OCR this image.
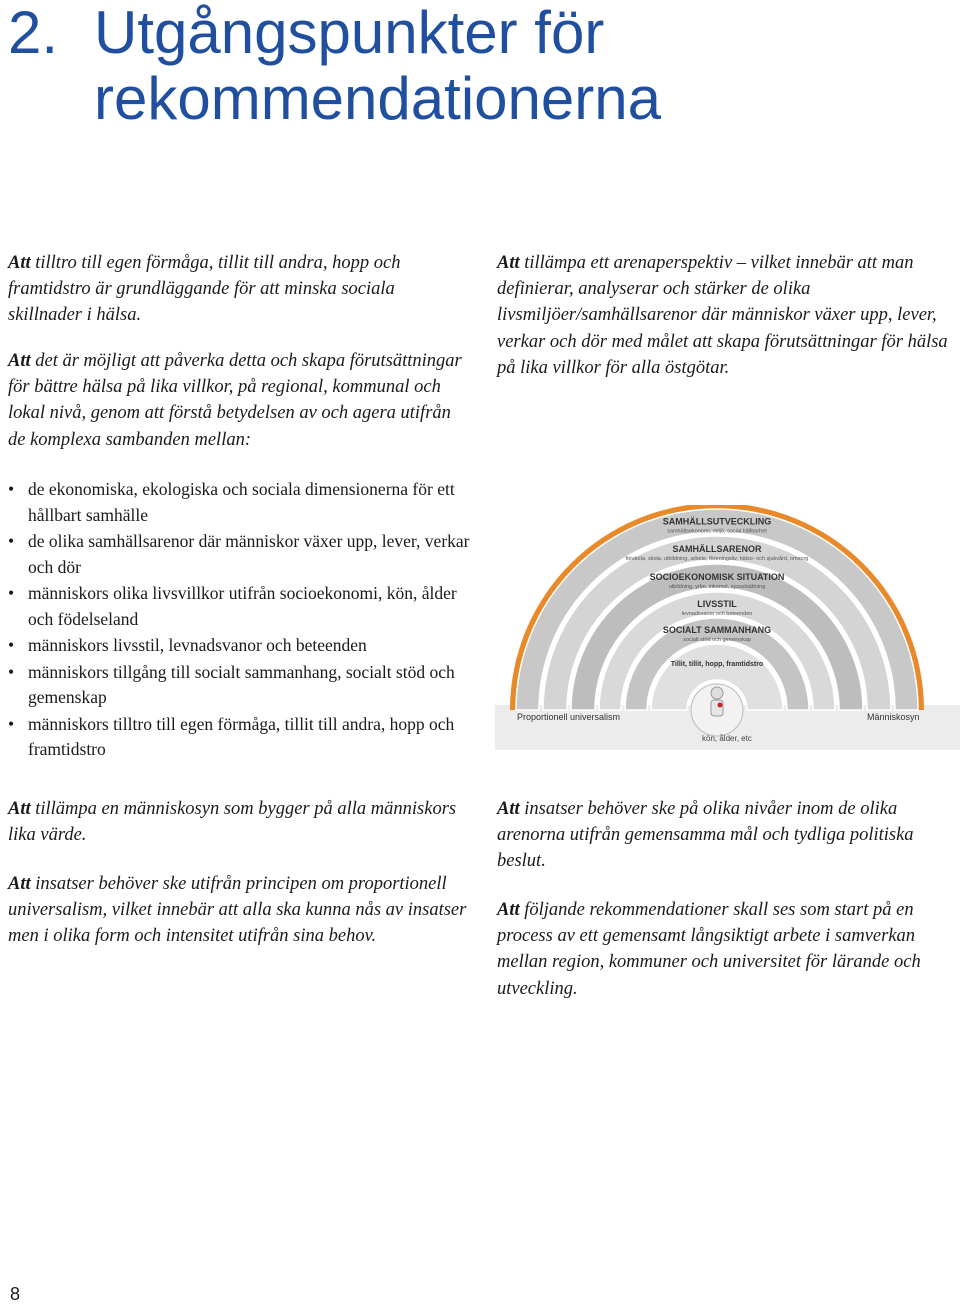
2. Utgångspunkter för
rekommendationerna

Att tilltro till egen förmåga, tillit till andra, hopp och framtidstro är grundläggande för att minska sociala skillnader i hälsa.

Att det är möjligt att påverka detta och skapa förutsättningar för bättre hälsa på lika villkor, på regional, kommunal och lokal nivå, genom att förstå betydelsen av och agera utifrån de komplexa sambanden mellan:

Att tillämpa ett arenaperspektiv – vilket innebär att man definierar, analyserar och stärker de olika livsmiljöer/samhällsarenor där människor växer upp, lever, verkar och dör med målet att skapa förutsättningar för hälsa på lika villkor för alla östgötar.

• de ekonomiska, ekologiska och sociala dimensionerna för ett hållbart samhälle
• de olika samhällsarenor där människor växer upp, lever, verkar och dör
• människors olika livsvillkor utifrån socioekonomi, kön, ålder och födelseland
• människors livsstil, levnadsvanor och beteenden
• människors tillgång till socialt sammanhang, socialt stöd och gemenskap
• människors tilltro till egen förmåga, tillit till andra, hopp och framtidstro
SAMHÄLLSUTVECKLING
samhällsekonomi, miljö, social hållbarhet
SAMHÄLLSARENOR
förskola, skola, utbildning, arbete, föreningsliv, hälso- och sjukvård, omsorg
SOCIOEKONOMISK SITUATION
utbildning, yrke, inkomst, sysselsättning
LIVSSTIL
levnadsvanor och beteenden
SOCIALT SAMMANHANG
socialt stöd och gemenskap
Tillit, tillit, hopp, framtidstro
Proportionell universalism	Människosyn
kön, ålder, etc

Att tillämpa en människosyn som bygger på alla människors lika värde.

Att insatser behöver ske utifrån principen om proportionell universalism, vilket innebär att alla ska kunna nås av insatser men i olika form och intensitet utifrån sina behov.

Att insatser behöver ske på olika nivåer inom de olika arenorna utifrån gemensamma mål och tydliga politiska beslut.

Att följande rekommendationer skall ses som start på en process av ett gemensamt långsiktigt arbete i samverkan mellan region, kommuner och universitet för lärande och utveckling.

8
